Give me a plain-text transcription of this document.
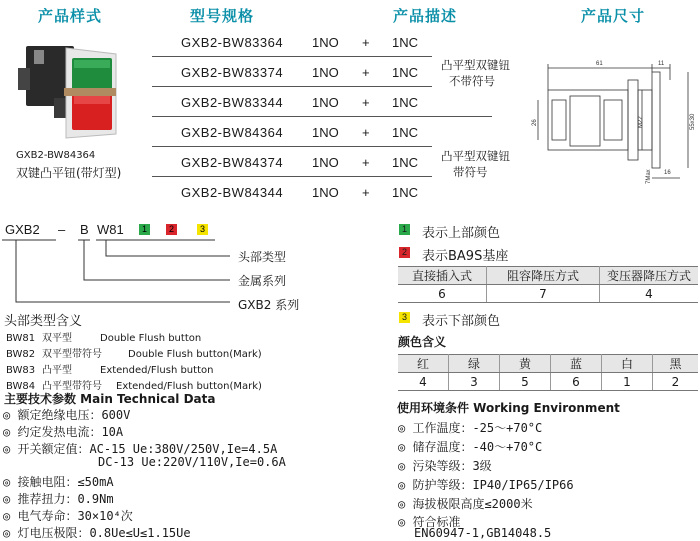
产品样式	型号规格	产品描述	产品尺寸
GXB2-BW84364
双键凸平钮(带灯型)
GXB2-BW83364 1NO + 1NC
GXB2-BW83374 1NO + 1NC
GXB2-BW83344 1NO + 1NC
GXB2-BW84364 1NO + 1NC
GXB2-BW84374 1NO + 1NC
GXB2-BW84344 1NO + 1NC
凸平型双键钮
不带符号
凸平型双键钮
带符号
61	11
26	M22	55x30
16
7Max
GXB2 – B W81	1	2	3
头部类型
金属系列
GXB2 系列
头部类型含义
BW81 双平型	Double Flush button
BW82 双平型带符号	Double Flush button(Mark)
BW83 凸平型	Extended/Flush button
BW84 凸平型带符号 Extended/Flush button(Mark)
主要技术参数 Main Technical Data
◎ 额定绝缘电压：600V
◎ 约定发热电流：10A
◎ 开关额定值：AC-15 Ue:380V/250V,Ie=4.5A
DC-13 Ue:220V/110V,Ie=0.6A
◎ 接触电阻：≤50mA
◎ 推荐扭力：0.9Nm
◎ 电气寿命：30×10⁴次
◎ 灯电压极限：0.8Ue≤U≤1.15Ue
1 表示上部颜色
2 表示BA9S基座
直接插入式	阻容降压方式	变压器降压方式
6	7	4
3 表示下部颜色
颜色含义
红	绿	黄	蓝	白	黑
4	3	5	6	1	2
使用环境条件 Working Environment
◎ 工作温度：-25～+70°C
◎ 储存温度：-40～+70°C
◎ 污染等级：3级
◎ 防护等级：IP40/IP65/IP66
◎ 海拔极限高度≤2000米
◎ 符合标准
EN60947-1,GB14048.5
